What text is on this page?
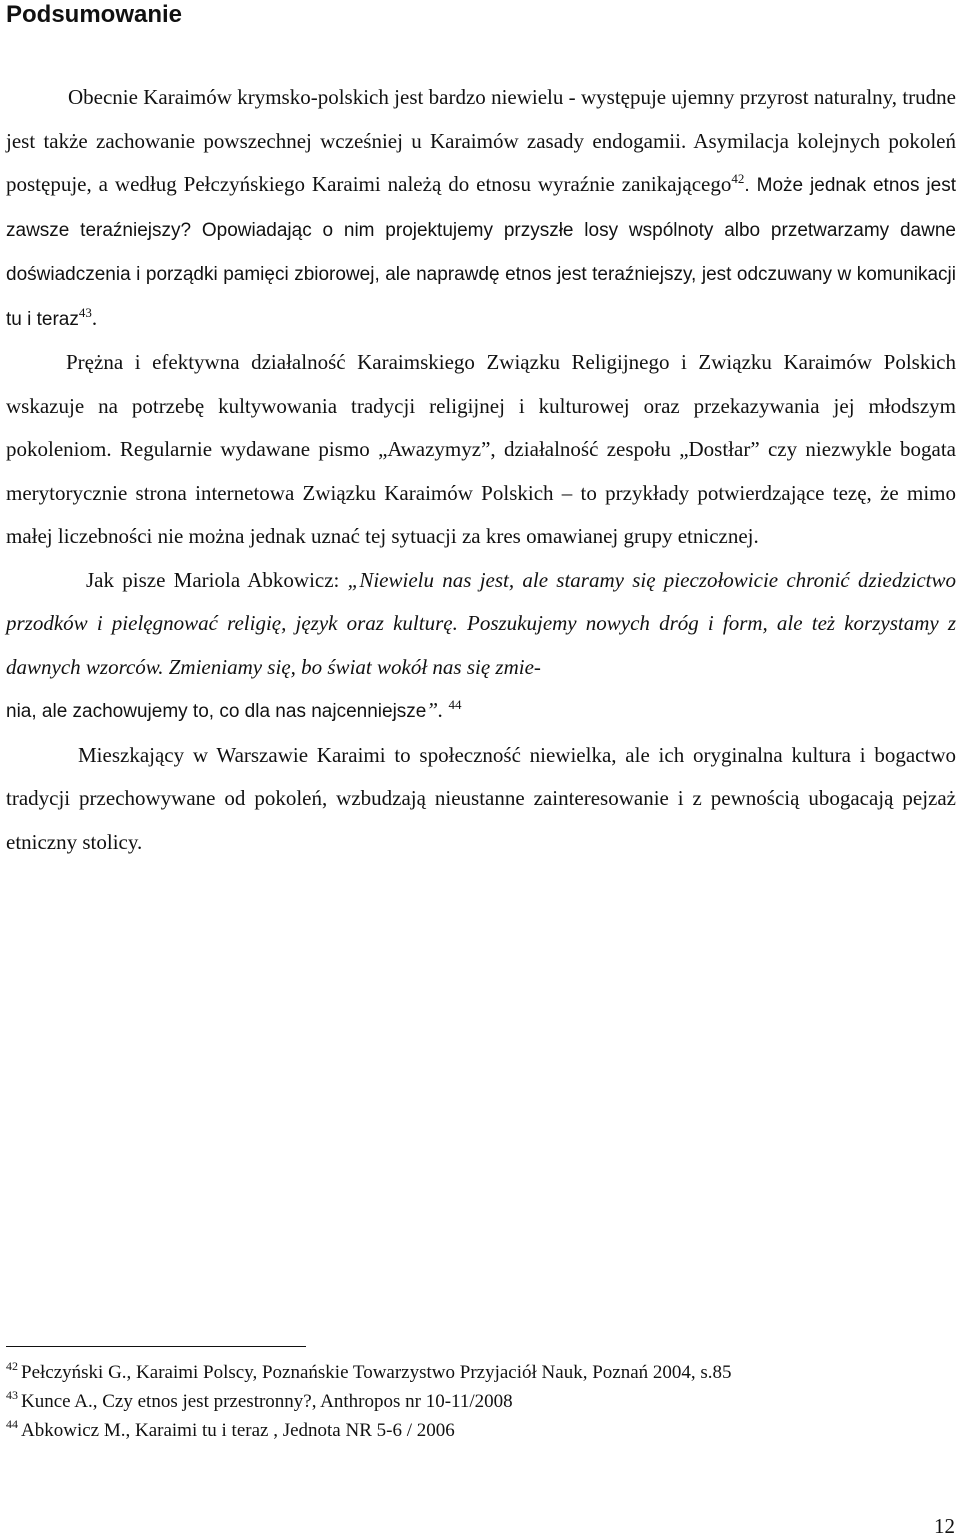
Podsumowanie

Obecnie Karaimów krymsko-polskich jest bardzo niewielu - występuje ujemny przyrost naturalny, trudne jest także zachowanie powszechnej wcześniej u Karaimów zasady endogamii. Asymilacja kolejnych pokoleń postępuje, a według Pełczyńskiego Karaimi należą do etnosu wyraźnie zanikającego$^{42}$. Może jednak etnos jest zawsze teraźniejszy? Opowiadając o nim projektujemy przyszłe losy wspólnoty albo przetwarzamy dawne doświadczenia i porządki pamięci zbiorowej, ale naprawdę etnos jest teraźniejszy, jest odczuwany w komunikacji tu i teraz$^{43}$.

Prężna i efektywna działalność Karaimskiego Związku Religijnego i Związku Karaimów Polskich wskazuje na potrzebę kultywowania tradycji religijnej i kulturowej oraz przekazywania jej młodszym pokoleniom. Regularnie wydawane pismo „Awazymyz”, działalność zespołu „Dostłar” czy niezwykle bogata merytorycznie strona internetowa Związku Karaimów Polskich – to przykłady potwierdzające tezę, że mimo małej liczebności nie można jednak uznać tej sytuacji za kres omawianej grupy etnicznej.

Jak pisze Mariola Abkowicz: „Niewielu nas jest, ale staramy się pieczołowicie chronić dziedzictwo przodków i pielęgnować religię, język oraz kulturę. Poszukujemy nowych dróg i form, ale też korzystamy z dawnych wzorców. Zmieniamy się, bo świat wokół nas się zmie-
nia, ale zachowujemy to, co dla nas najcenniejsze”. $^{44}$

Mieszkający w Warszawie Karaimi to społeczność niewielka, ale ich oryginalna kultura i bogactwo tradycji przechowywane od pokoleń, wzbudzają nieustanne zainteresowanie i z pewnością ubogacają pejzaż etniczny stolicy.

$^{42}$ Pełczyński G., Karaimi Polscy, Poznańskie Towarzystwo Przyjaciół Nauk, Poznań 2004, s.85

$^{43}$ Kunce A., Czy etnos jest przestronny?, Anthropos nr 10-11/2008

$^{44}$ Abkowicz M., Karaimi tu i teraz , Jednota NR 5-6 / 2006

12
